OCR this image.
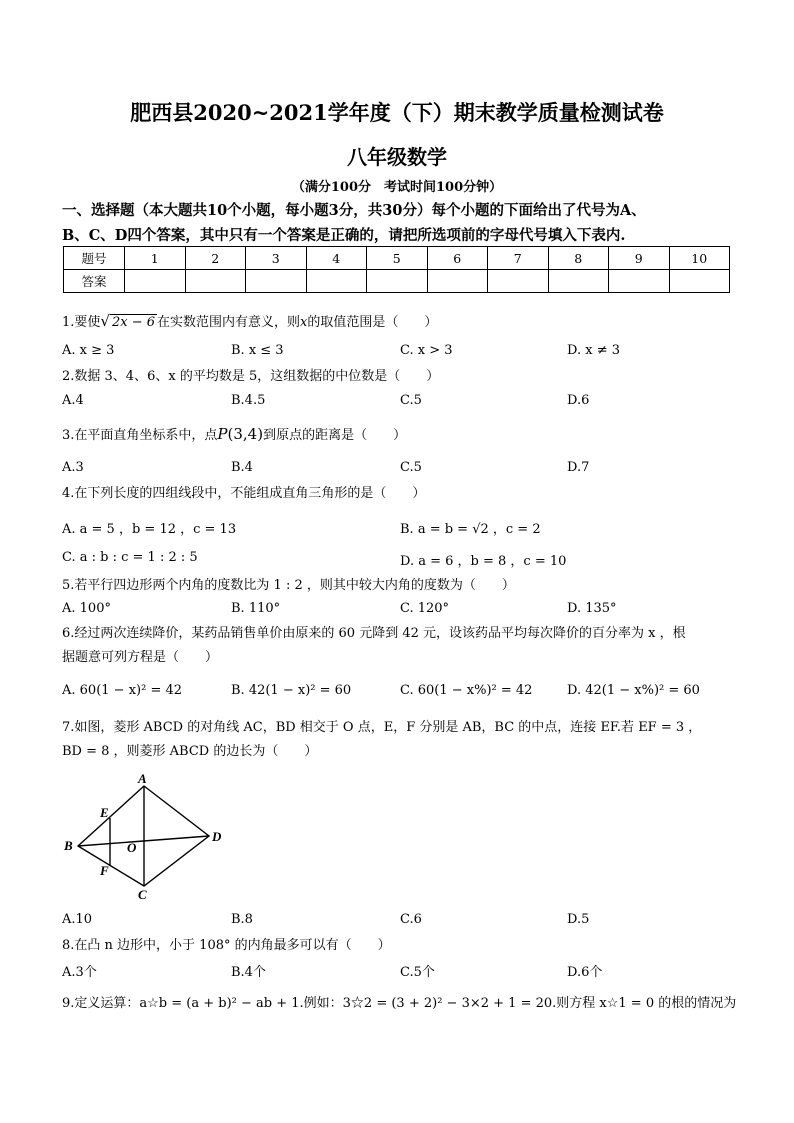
肥西县2020~2021学年度（下）期末教学质量检测试卷
八年级数学
（满分100分　考试时间100分钟）
一、选择题（本大题共10个小题，每小题3分，共30分）每个小题的下面给出了代号为A、
B、C、D四个答案，其中只有一个答案是正确的，请把所选项前的字母代号填入下表内.
题号	1	2	3	4	5	6	7	8	9	10
答案										
1.要使√ 2x − 6 在实数范围内有意义，则x的取值范围是（　　）
A. x ≥ 3	B. x ≤ 3	C. x > 3	D. x ≠ 3
2.数据 3、4、6、x 的平均数是 5，这组数据的中位数是（　　）
A.4	B.4.5	C.5	D.6
3.在平面直角坐标系中，点P(3,4)到原点的距离是（　　）
A.3	B.4	C.5	D.7
4.在下列长度的四组线段中，不能组成直角三角形的是（　　）
A. a = 5 ，b = 12 ，c = 13	B. a = b = √2 ，c = 2
C. a : b : c = 1 : 2 : 5	D. a = 6 ，b = 8 ，c = 10
5.若平行四边形两个内角的度数比为 1 : 2 ，则其中较大内角的度数为（　　）
A. 100°	B. 110°	C. 120°	D. 135°
6.经过两次连续降价，某药品销售单价由原来的 60 元降到 42 元，设该药品平均每次降价的百分率为 x ，根
据题意可列方程是（　　）
A. 60(1 − x)² = 42	B. 42(1 − x)² = 60	C. 60(1 − x%)² = 42	D. 42(1 − x%)² = 60
7.如图，菱形 ABCD 的对角线 AC，BD 相交于 O 点，E，F 分别是 AB，BC 的中点，连接 EF.若 EF = 3 ，
BD = 8 ，则菱形 ABCD 的边长为（　　）
A
B
C
D
E
F
O
A.10	B.8	C.6	D.5
8.在凸 n 边形中，小于 108° 的内角最多可以有（　　）
A.3个	B.4个	C.5个	D.6个
9.定义运算：a☆b = (a + b)² − ab + 1.例如：3☆2 = (3 + 2)² − 3×2 + 1 = 20.则方程 x☆1 = 0 的根的情况为
